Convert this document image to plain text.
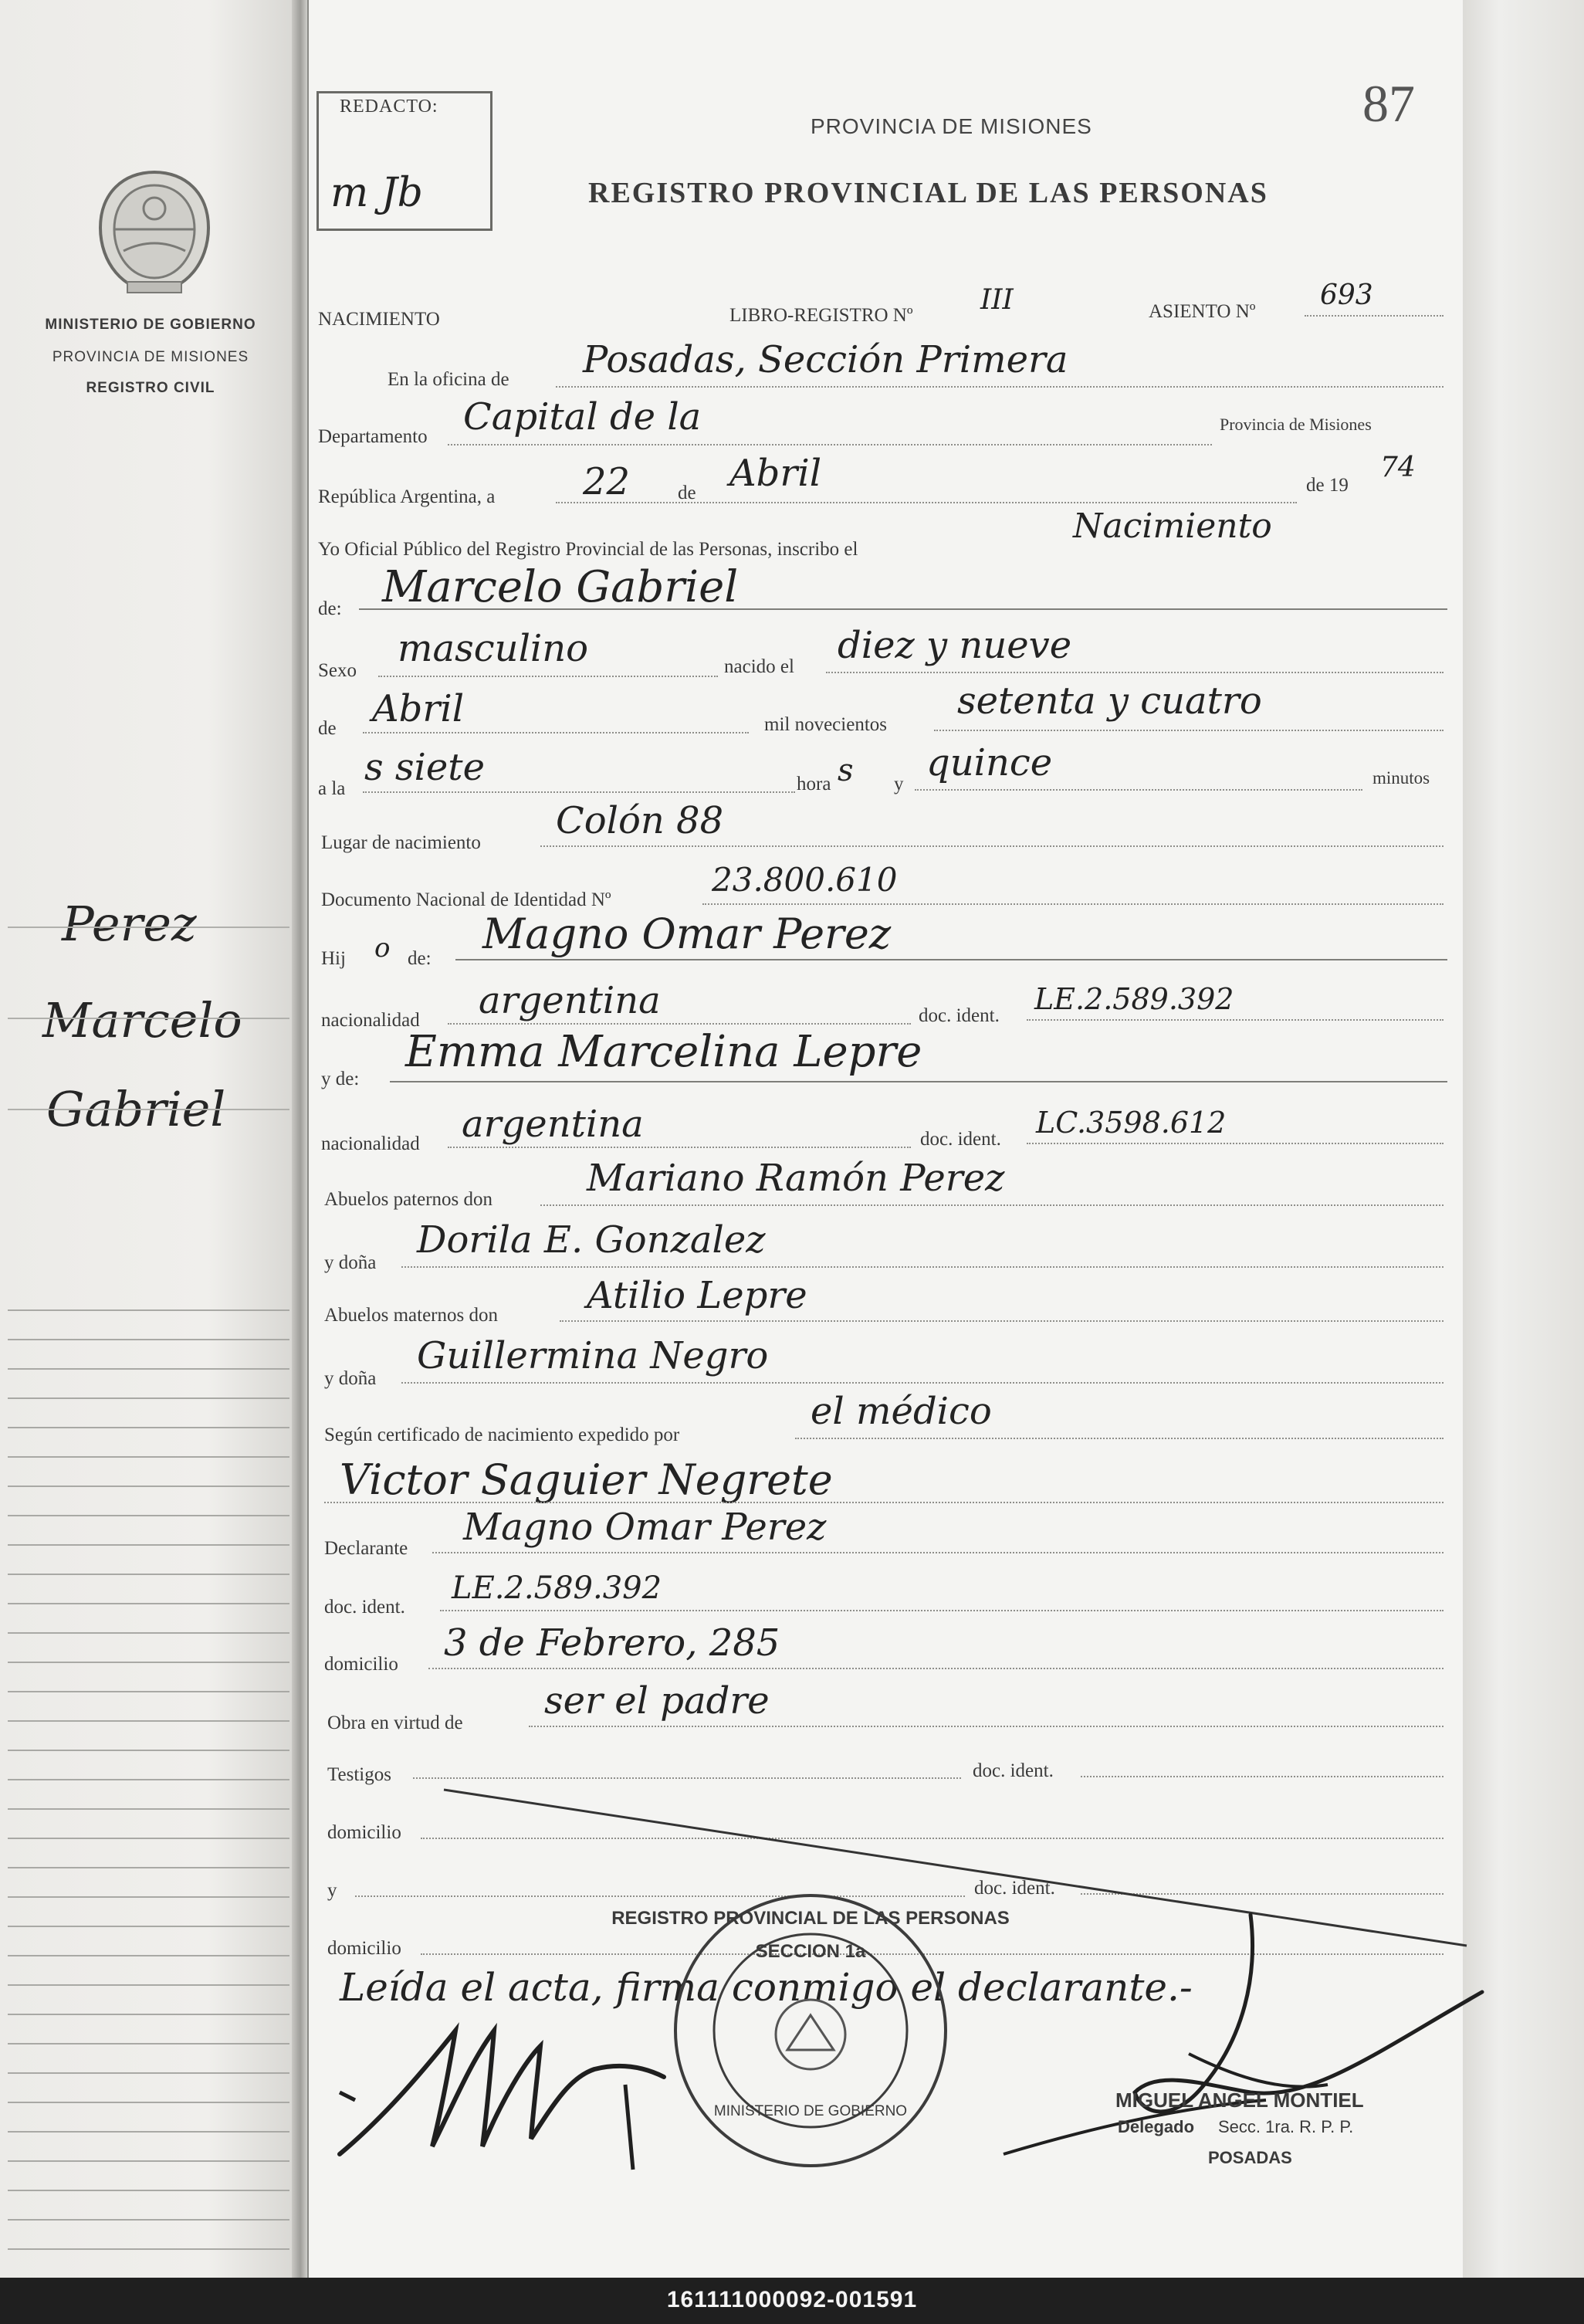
MINISTERIO DE GOBIERNO
PROVINCIA DE MISIONES
REGISTRO CIVIL
Perez
Marcelo
Gabriel
REDACTO:
m Jb
87
PROVINCIA DE MISIONES
REGISTRO PROVINCIAL DE LAS PERSONAS
NACIMIENTO	LIBRO-REGISTRO Nº III	ASIENTO Nº
693
En la oficina de Posadas, Sección Primera
Departamento Capital de la	Provincia de Misiones
República Argentina, a 22 de Abril	de 19
74
Yo Oficial Público del Registro Provincial de las Personas, inscribo el
Nacimiento
de: Marcelo Gabriel
Sexo
masculino	nacido el diez y nueve
de Abril	mil novecientos
setenta y cuatro
a la s siete	hora s y quince	minutos
Lugar de nacimiento
Colón 88
Documento Nacional de Identidad Nº
23.800.610
Hij o de:
Magno Omar Perez
nacionalidad argentina	doc. ident. LE.2.589.392
y de:
Emma Marcelina Lepre
nacionalidad argentina	doc. ident. LC.3598.612
Abuelos paternos don	Mariano Ramón Perez
y doña
Dorila E. Gonzalez
Abuelos maternos don Atilio Lepre
y doña
Guillermina Negro
Según certificado de nacimiento expedido por
el médico
Victor Saguier Negrete
Declarante Magno Omar Perez
doc. ident.
LE.2.589.392
domicilio 3 de Febrero, 285
Obra en virtud de
ser el padre
Testigos	doc. ident.
domicilio
y	doc. ident.
domicilio
Leída el acta, firma conmigo el declarante.-
REGISTRO PROVINCIAL DE LAS PERSONAS
SECCION 1a
MINISTERIO DE GOBIERNO	MIGUEL ANGEL MONTIEL
Delegado Secc. 1ra. R. P. P.
POSADAS
161111000092-001591
